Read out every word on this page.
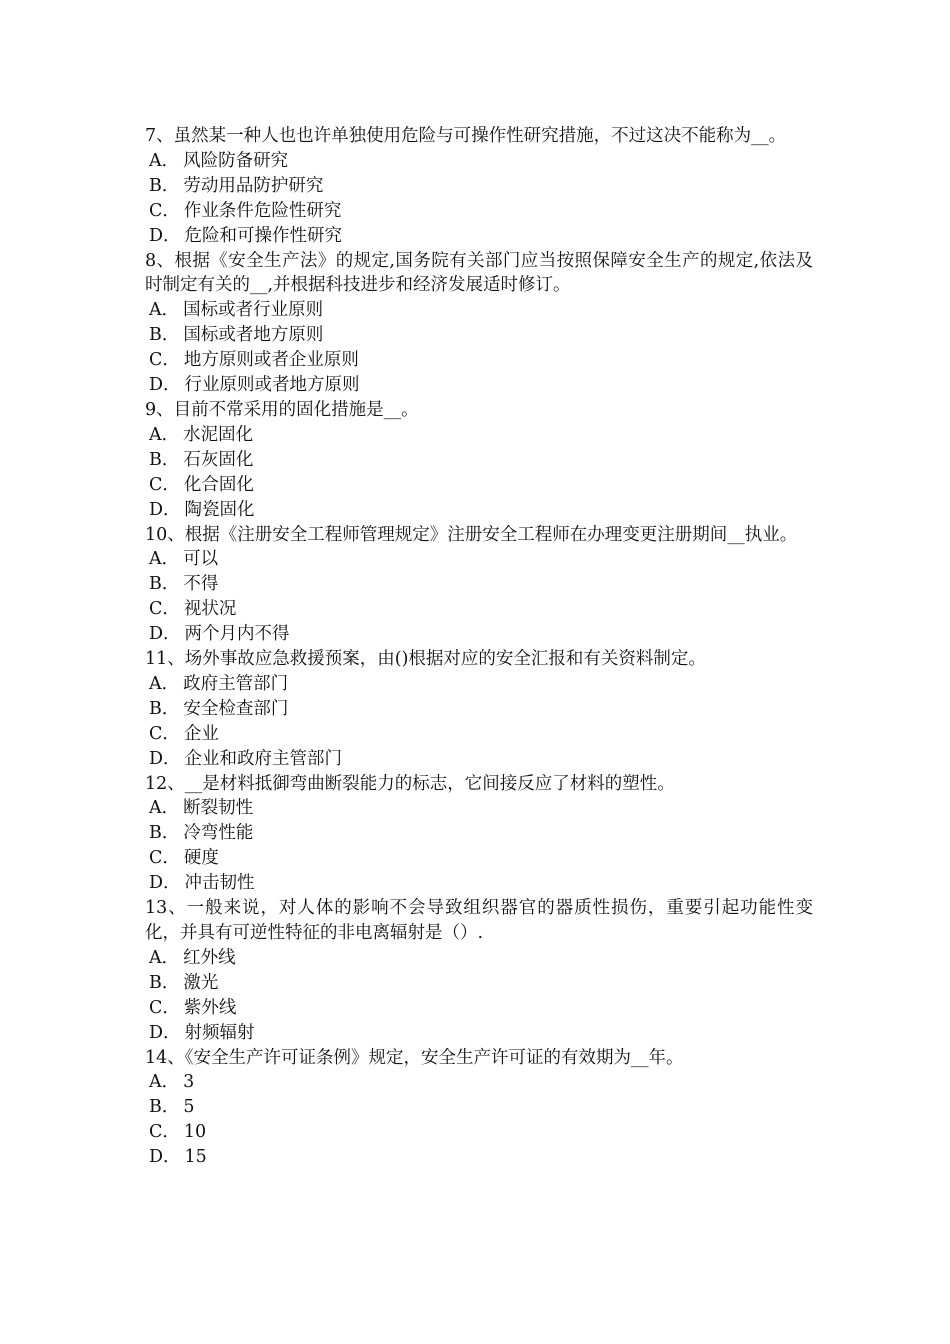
7、虽然某一种人也也许单独使用危险与可操作性研究措施，不过这决不能称为__。

A． 风险防备研究

B． 劳动用品防护研究

C． 作业条件危险性研究

D． 危险和可操作性研究

8、根据《安全生产法》的规定,国务院有关部门应当按照保障安全生产的规定,依法及时制定有关的__,并根据科技进步和经济发展适时修订。

A． 国标或者行业原则

B． 国标或者地方原则

C． 地方原则或者企业原则

D． 行业原则或者地方原则

9、目前不常采用的固化措施是__。

A． 水泥固化

B． 石灰固化

C． 化合固化

D． 陶瓷固化

10、根据《注册安全工程师管理规定》注册安全工程师在办理变更注册期间__执业。

A． 可以

B． 不得

C． 视状况

D． 两个月内不得

11、场外事故应急救援预案，由()根据对应的安全汇报和有关资料制定。

A． 政府主管部门

B． 安全检查部门

C． 企业

D． 企业和政府主管部门

12、__是材料抵御弯曲断裂能力的标志，它间接反应了材料的塑性。

A． 断裂韧性

B． 冷弯性能

C． 硬度

D． 冲击韧性

13、一般来说，对人体的影响不会导致组织器官的器质性损伤，重要引起功能性变化，并具有可逆性特征的非电离辐射是（）.

A． 红外线

B． 激光

C． 紫外线

D． 射频辐射

14、《安全生产许可证条例》规定，安全生产许可证的有效期为__年。

A． 3

B． 5

C． 10

D． 15
